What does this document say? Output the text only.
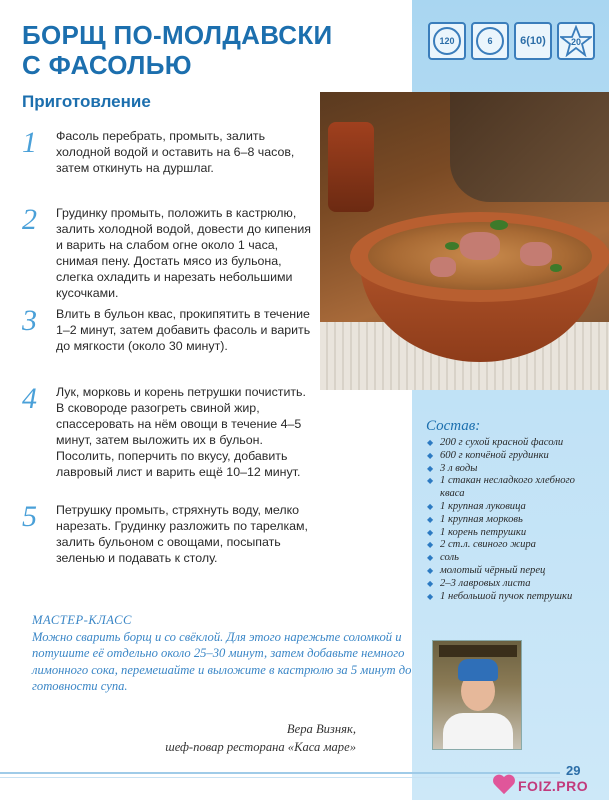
БОРЩ ПО-МОЛДАВСКИ
С ФАСОЛЬЮ
120	6	6(10)	20
Приготовление
1 Фасоль перебрать, промыть, залить холодной водой и оставить на 6–8 часов, затем откинуть на дуршлаг.

2 Грудинку промыть, положить в кастрюлю, залить холодной водой, довести до кипения и варить на слабом огне около 1 часа, снимая пену. Достать мясо из бульона, слегка охладить и нарезать небольшими кусочками.

3 Влить в бульон квас, прокипятить в течение 1–2 минут, затем добавить фасоль и варить до мягкости (около 30 минут).

4 Лук, морковь и корень петрушки почистить. В сковороде разогреть свиной жир, спассеровать на нём овощи в течение 4–5 минут, затем выложить их в бульон. Посолить, поперчить по вкусу, добавить лавровый лист и варить ещё 10–12 минут.

5 Петрушку промыть, стряхнуть воду, мелко нарезать. Грудинку разложить по тарелкам, залить бульоном с овощами, посыпать зеленью и подавать к столу.

Состав:
◆ 200 г сухой красной фасоли
◆ 600 г копчёной грудинки
◆ 3 л воды
◆ 1 стакан несладкого хлебного кваса
◆ 1 крупная луковица
◆ 1 крупная морковь
◆ 1 корень петрушки
◆ 2 ст.л. свиного жира
◆ соль
◆ молотый чёрный перец
◆ 2–3 лавровых листа
◆ 1 небольшой пучок петрушки
МАСТЕР-КЛАСС

Можно сварить борщ и со свёклой. Для этого нарежьте соломкой и потушите её отдельно около 25–30 минут, затем добавьте немного лимонного сока, перемешайте и выложите в кастрюлю за 5 минут до готовности супа.

Вера Визняк,
шеф-повар ресторана «Каса маре»
29
FOIZ.PRO
